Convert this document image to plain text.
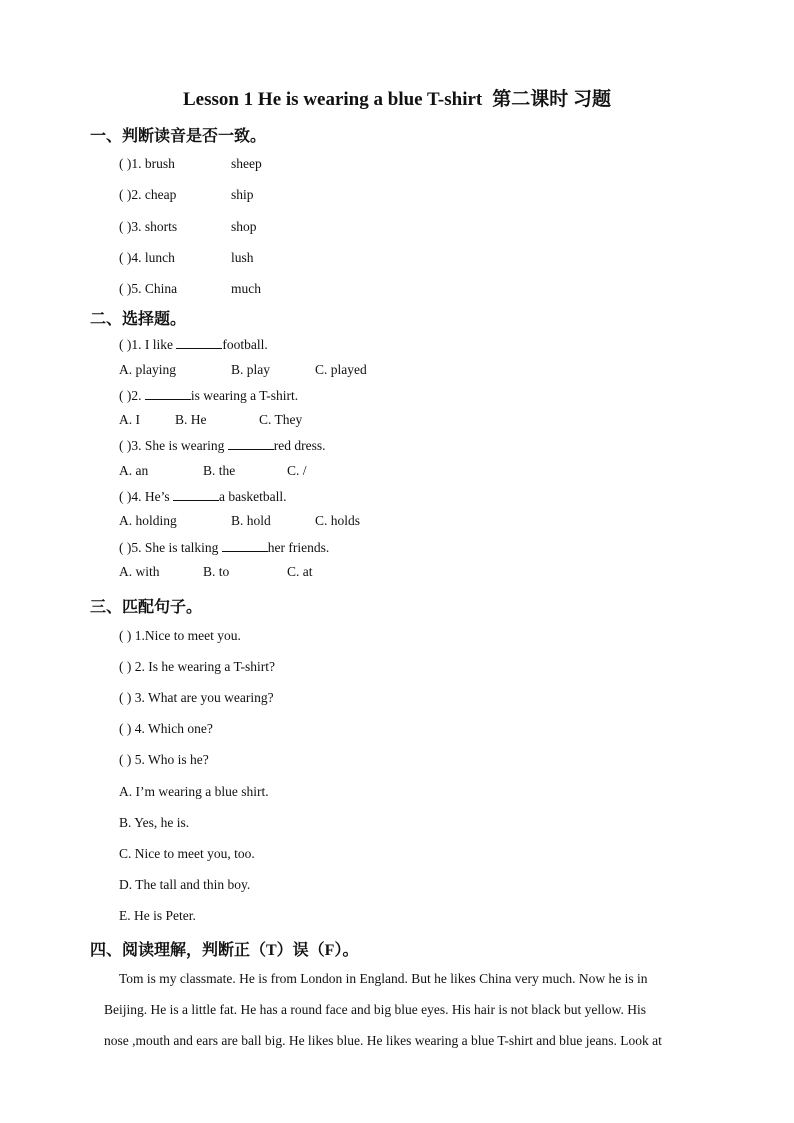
Lesson 1 He is wearing a blue T-shirt 第二课时 习题
一、判断读音是否一致。
( )1. brush	sheep
( )2. cheap	ship
( )3. shorts	shop
( )4. lunch	lush
( )5. China	much
二、选择题。
( )1. I like	football.
A. playing	B. play	C. played
( )2.	is wearing a T-shirt.
A. I	B. He	C. They
( )3. She is wearing	red dress.
A. an	B. the	C. /
( )4. He’s	a basketball.
A. holding	B. hold	C. holds
( )5. She is talking	her friends.
A. with	B. to	C. at
三、匹配句子。
( ) 1.Nice to meet you.
( ) 2. Is he wearing a T-shirt?
( ) 3. What are you wearing?
( ) 4. Which one?
( ) 5. Who is he?
A. I’m wearing a blue shirt.
B. Yes, he is.
C. Nice to meet you, too.
D. The tall and thin boy.
E. He is Peter.
四、阅读理解，判断正（T）误（F）。
Tom is my classmate. He is from London in England. But he likes China very much. Now he is in
Beijing. He is a little fat. He has a round face and big blue eyes. His hair is not black but yellow. His
nose ,mouth and ears are ball big. He likes blue. He likes wearing a blue T-shirt and blue jeans. Look at
